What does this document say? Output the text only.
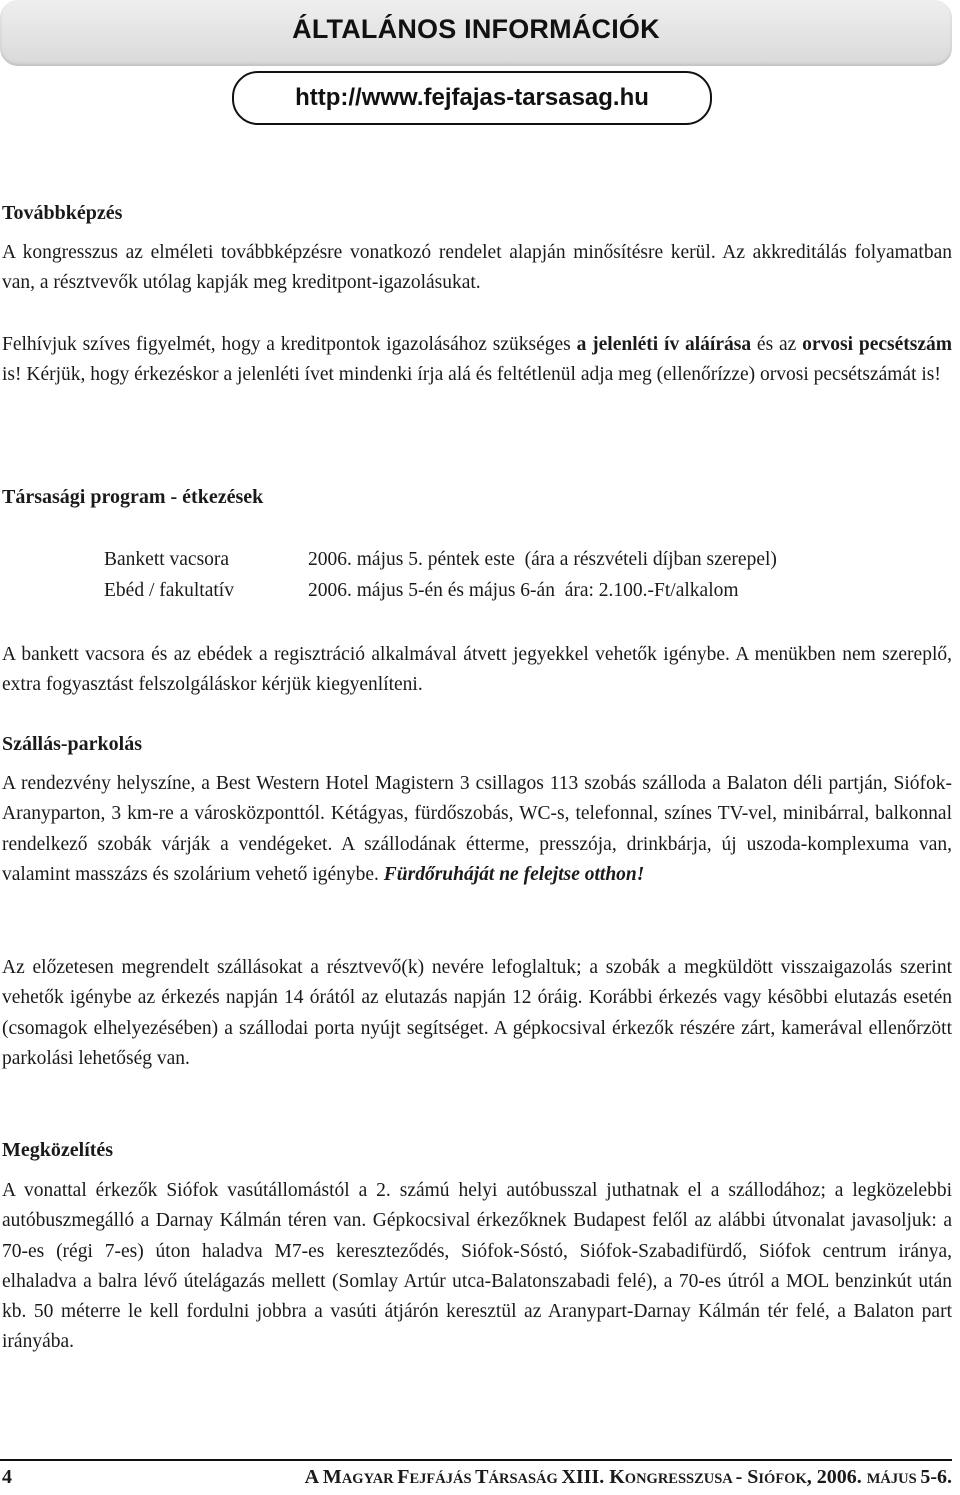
ÁLTALÁNOS INFORMÁCIÓK
http://www.fejfajas-tarsasag.hu
Továbbképzés
A kongresszus az elméleti továbbképzésre vonatkozó rendelet alapján minősítésre kerül. Az akkreditálás folyamatban van, a résztvevők utólag kapják meg kreditpont-igazolásukat.
Felhívjuk szíves figyelmét, hogy a kreditpontok igazolásához szükséges a jelenléti ív aláírása és az orvosi pecsétszám is! Kérjük, hogy érkezéskor a jelenléti ívet mindenki írja alá és feltétlenül adja meg (ellenőrízze) orvosi pecsétszámát is!
Társasági program - étkezések
Bankett vacsora	2006. május 5. péntek este  (ára a részvételi díjban szerepel)
Ebéd / fakultatív	2006. május 5-én és május 6-án  ára: 2.100.-Ft/alkalom
A bankett vacsora és az ebédek a regisztráció alkalmával átvett jegyekkel vehetők igénybe. A menükben nem szereplő, extra fogyasztást felszolgáláskor kérjük kiegyenlíteni.
Szállás-parkolás
A rendezvény helyszíne, a Best Western Hotel Magistern 3 csillagos 113 szobás szálloda a Balaton déli partján, Siófok-Aranyparton, 3 km-re a városközponttól. Kétágyas, fürdőszobás, WC-s, telefonnal, színes TV-vel, minibárral, balkonnal rendelkező szobák várják a vendégeket. A szállodának étterme, presszója, drinkbárja, új uszoda-komplexuma van, valamint masszázs és szolárium vehető igénybe. Fürdőruháját ne felejtse otthon!
Az előzetesen megrendelt szállásokat a résztvevő(k) nevére lefoglaltuk; a szobák a megküldött visszaigazolás szerint vehetők igénybe az érkezés napján 14 órától az elutazás napján 12 óráig. Korábbi érkezés vagy késõbbi elutazás esetén (csomagok elhelyezésében) a szállodai porta nyújt segítséget. A gépkocsival érkezők részére zárt, kamerával ellenőrzött parkolási lehetőség van.
Megközelítés
A vonattal érkezők Siófok vasútállomástól a 2. számú helyi autóbusszal juthatnak el a szállodához; a legközelebbi autóbuszmegálló a Darnay Kálmán téren van. Gépkocsival érkezőknek Budapest felől az alábbi útvonalat javasoljuk: a 70-es (régi 7-es) úton haladva M7-es kereszteződés, Siófok-Sóstó, Siófok-Szabadifürdő, Siófok centrum iránya, elhaladva a balra lévő útelágazás mellett (Somlay Artúr utca-Balatonszabadi felé), a 70-es útról a MOL benzinkút után kb. 50 méterre le kell fordulni jobbra a vasúti átjárón keresztül az Aranypart-Darnay Kálmán tér felé, a Balaton part irányába.
4	A MAGYAR FEJFÁJÁS TÁRSASÁG XIII. KONGRESSZUSA - SIÓFOK, 2006. MÁJUS 5-6.
